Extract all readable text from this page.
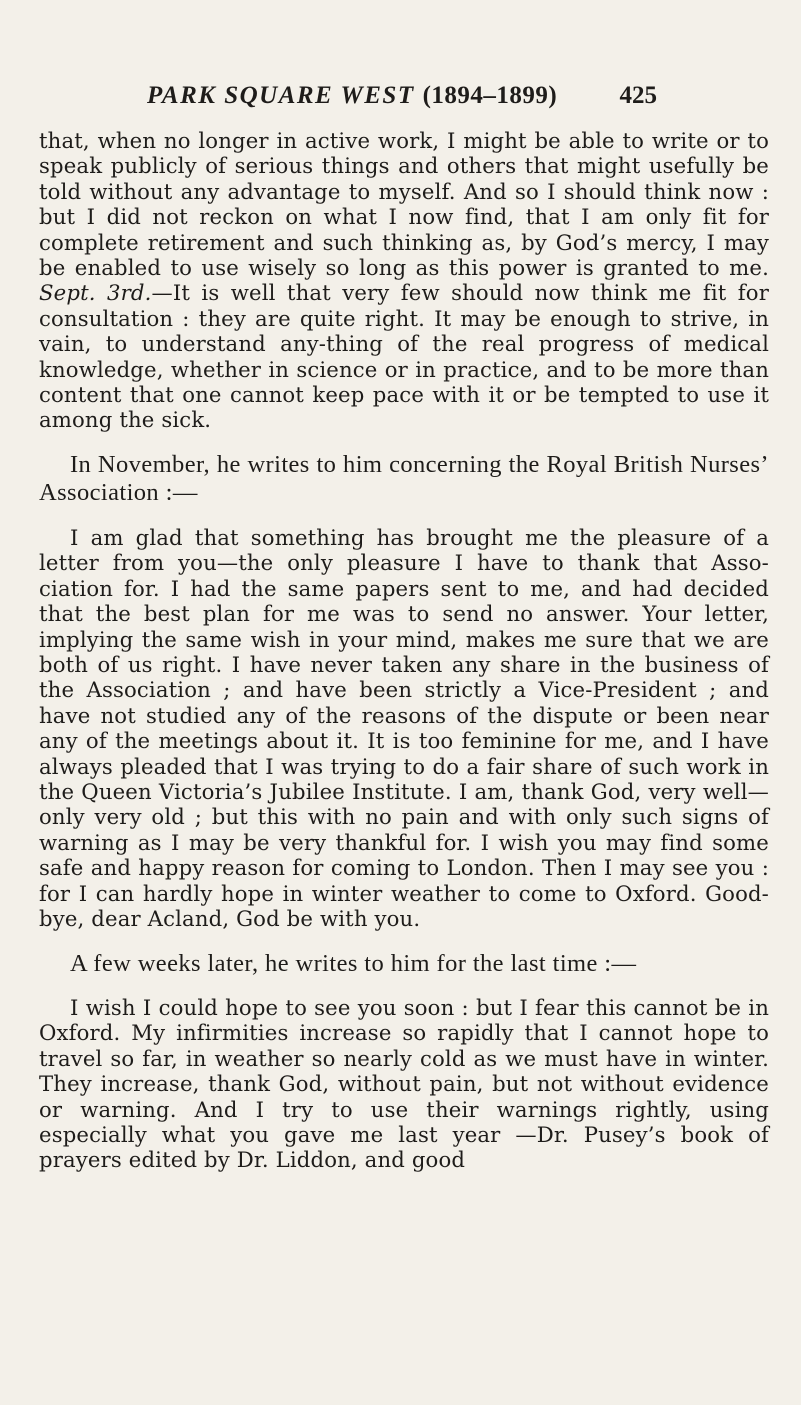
PARK SQUARE WEST (1894–1899) 425

that, when no longer in active work, I might be able to write or to speak publicly of serious things and others that might usefully be told without any advantage to myself. And so I should think now : but I did not reckon on what I now find, that I am only fit for complete retirement and such thinking as, by God’s mercy, I may be enabled to use wisely so long as this power is granted to me. Sept. 3rd.—It is well that very few should now think me fit for consultation : they are quite right. It may be enough to strive, in vain, to understand any-thing of the real progress of medical knowledge, whether in science or in practice, and to be more than content that one cannot keep pace with it or be tempted to use it among the sick.

In November, he writes to him concerning the Royal British Nurses’ Association :—

I am glad that something has brought me the pleasure of a letter from you—the only pleasure I have to thank that Asso-ciation for. I had the same papers sent to me, and had decided that the best plan for me was to send no answer. Your letter, implying the same wish in your mind, makes me sure that we are both of us right. I have never taken any share in the business of the Association ; and have been strictly a Vice-President ; and have not studied any of the reasons of the dispute or been near any of the meetings about it. It is too feminine for me, and I have always pleaded that I was trying to do a fair share of such work in the Queen Victoria’s Jubilee Institute. I am, thank God, very well—only very old ; but this with no pain and with only such signs of warning as I may be very thankful for. I wish you may find some safe and happy reason for coming to London. Then I may see you : for I can hardly hope in winter weather to come to Oxford. Good-bye, dear Acland, God be with you.

A few weeks later, he writes to him for the last time :—

I wish I could hope to see you soon : but I fear this cannot be in Oxford. My infirmities increase so rapidly that I cannot hope to travel so far, in weather so nearly cold as we must have in winter. They increase, thank God, without pain, but not without evidence or warning. And I try to use their warnings rightly, using especially what you gave me last year —Dr. Pusey’s book of prayers edited by Dr. Liddon, and good
